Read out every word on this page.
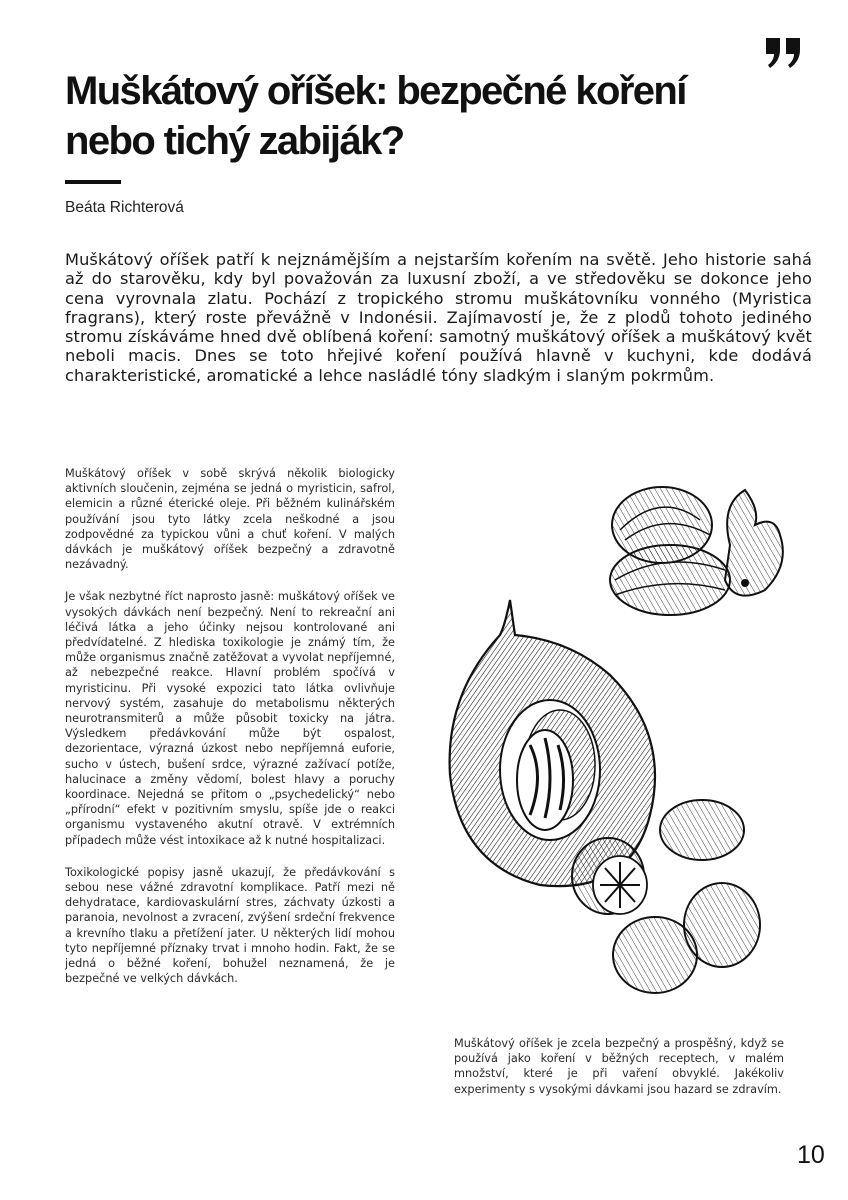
Muškátový oříšek: bezpečné koření nebo tichý zabiják?
Beáta Richterová

Muškátový oříšek patří k nejznámějším a nejstarším kořením na světě. Jeho historie sahá až do starověku, kdy byl považován za luxusní zboží, a ve středověku se dokonce jeho cena vyrovnala zlatu. Pochází z tropického stromu muškátovníku vonného (Myristica fragrans), který roste převážně v Indonésii. Zajímavostí je, že z plodů tohoto jediného stromu získáváme hned dvě oblíbená koření: samotný muškátový oříšek a muškátový květ neboli macis. Dnes se toto hřejivé koření používá hlavně v kuchyni, kde dodává charakteristické, aromatické a lehce nasládlé tóny sladkým i slaným pokrmům.

Muškátový oříšek v sobě skrývá několik biologicky aktivních sloučenin, zejména se jedná o myristicin, safrol, elemicin a různé éterické oleje. Při běžném kulinářském používání jsou tyto látky zcela neškodné a jsou zodpovědné za typickou vůni a chuť koření. V malých dávkách je muškátový oříšek bezpečný a zdravotně nezávadný.

Je však nezbytné říct naprosto jasně: muškátový oříšek ve vysokých dávkách není bezpečný. Není to rekreační ani léčivá látka a jeho účinky nejsou kontrolované ani předvídatelné. Z hlediska toxikologie je známý tím, že může organismus značně zatěžovat a vyvolat nepříjemné, až nebezpečné reakce. Hlavní problém spočívá v myristicinu. Při vysoké expozici tato látka ovlivňuje nervový systém, zasahuje do metabolismu některých neurotransmiterů a může působit toxicky na játra. Výsledkem předávkování může být ospalost, dezorientace, výrazná úzkost nebo nepříjemná euforie, sucho v ústech, bušení srdce, výrazné zažívací potíže, halucinace a změny vědomí, bolest hlavy a poruchy koordinace. Nejedná se přitom o „psychedelický“ nebo „přírodní“ efekt v pozitivním smyslu, spíše jde o reakci organismu vystaveného akutní otravě. V extrémních případech může vést intoxikace až k nutné hospitalizaci.

Toxikologické popisy jasně ukazují, že předávkování s sebou nese vážné zdravotní komplikace. Patří mezi ně dehydratace, kardiovaskulární stres, záchvaty úzkosti a paranoia, nevolnost a zvracení, zvýšení srdeční frekvence a krevního tlaku a přetížení jater. U některých lidí mohou tyto nepříjemné příznaky trvat i mnoho hodin. Fakt, že se jedná o běžné koření, bohužel neznamená, že je bezpečné ve velkých dávkách.

Muškátový oříšek je zcela bezpečný a prospěšný, když se používá jako koření v běžných receptech, v malém množství, které je při vaření obvyklé. Jakékoliv experimenty s vysokými dávkami jsou hazard se zdravím.

10
